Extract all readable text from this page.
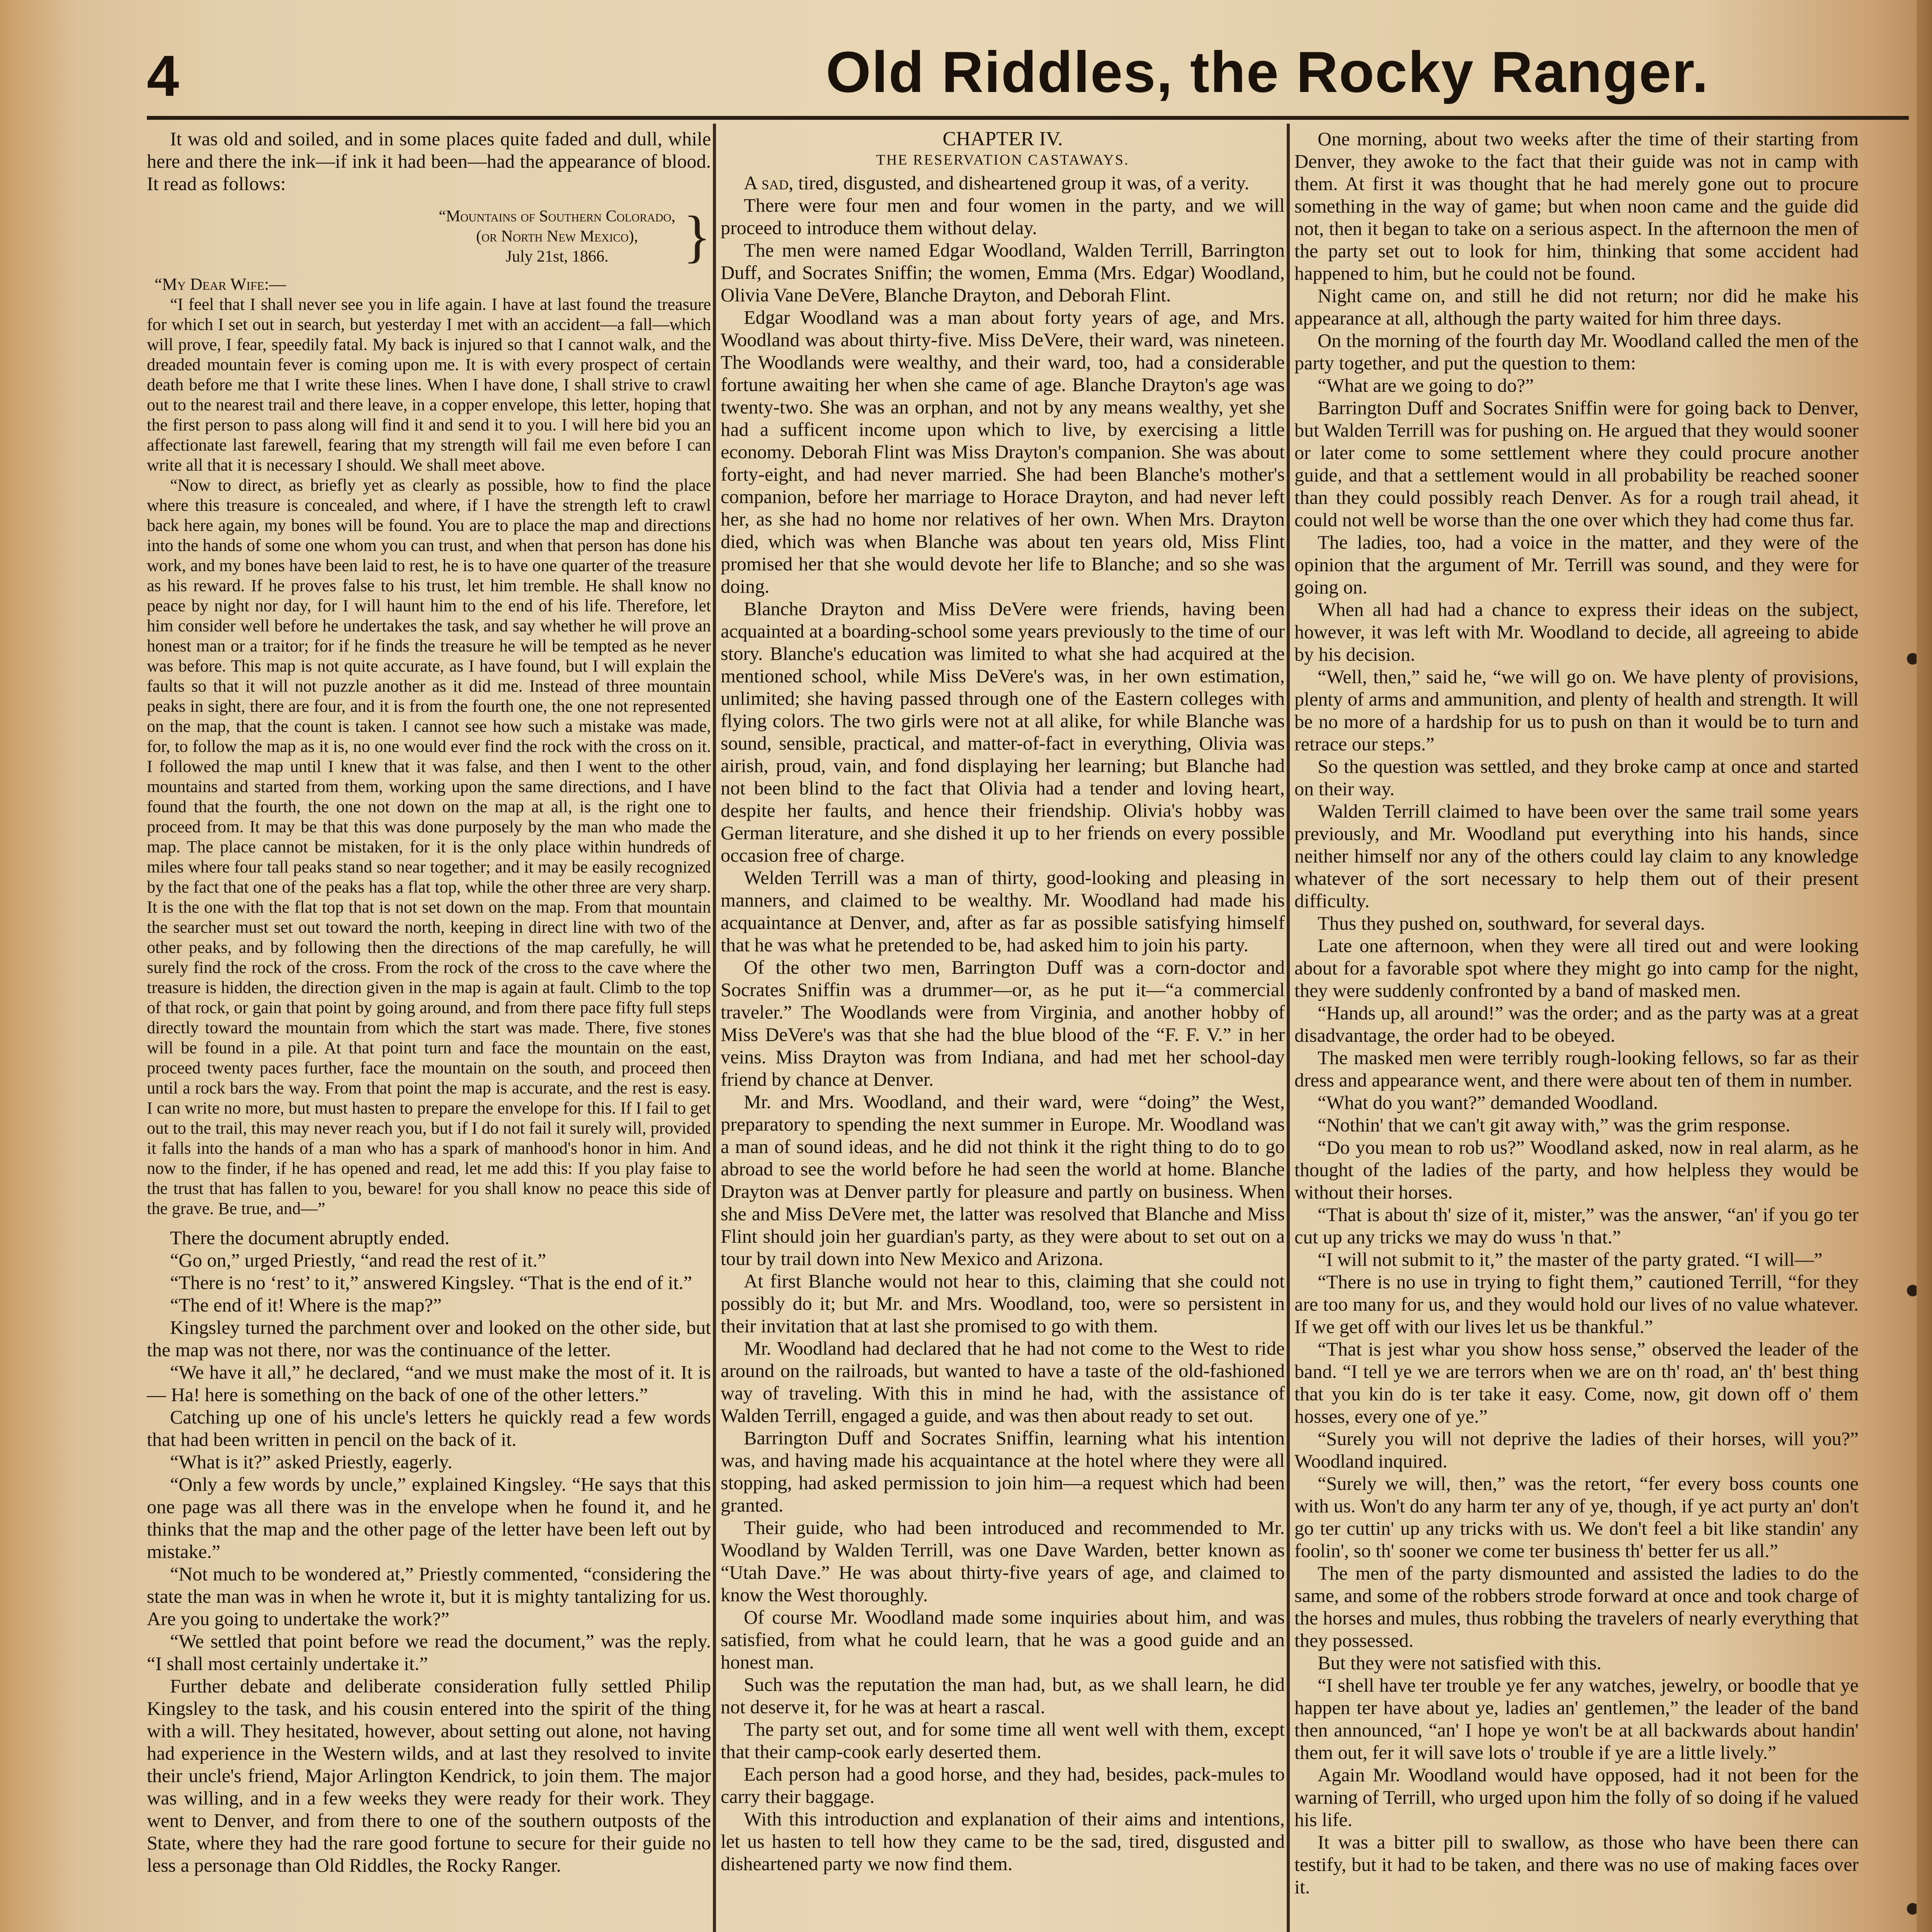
4	Old Riddles, the Rocky Ranger.

It was old and soiled, and in some places quite faded and dull, while here and there the ink—if ink it had been—had the appearance of blood. It read as follows:

“Mountains of Southern Colorado,
(or North New Mexico),
July 21st, 1866.	}

“My Dear Wife:—

“I feel that I shall never see you in life again. I have at last found the treasure for which I set out in search, but yesterday I met with an accident—a fall—which will prove, I fear, speedily fatal. My back is injured so that I cannot walk, and the dreaded mountain fever is coming upon me. It is with every prospect of certain death before me that I write these lines. When I have done, I shall strive to crawl out to the nearest trail and there leave, in a copper envelope, this letter, hoping that the first person to pass along will find it and send it to you. I will here bid you an affectionate last farewell, fearing that my strength will fail me even before I can write all that it is necessary I should. We shall meet above.

“Now to direct, as briefly yet as clearly as possible, how to find the place where this treasure is concealed, and where, if I have the strength left to crawl back here again, my bones will be found. You are to place the map and directions into the hands of some one whom you can trust, and when that person has done his work, and my bones have been laid to rest, he is to have one quarter of the treasure as his reward. If he proves false to his trust, let him tremble. He shall know no peace by night nor day, for I will haunt him to the end of his life. Therefore, let him consider well before he undertakes the task, and say whether he will prove an honest man or a traitor; for if he finds the treasure he will be tempted as he never was before. This map is not quite accurate, as I have found, but I will explain the faults so that it will not puzzle another as it did me. Instead of three mountain peaks in sight, there are four, and it is from the fourth one, the one not represented on the map, that the count is taken. I cannot see how such a mistake was made, for, to follow the map as it is, no one would ever find the rock with the cross on it. I followed the map until I knew that it was false, and then I went to the other mountains and started from them, working upon the same directions, and I have found that the fourth, the one not down on the map at all, is the right one to proceed from. It may be that this was done purposely by the man who made the map. The place cannot be mistaken, for it is the only place within hundreds of miles where four tall peaks stand so near together; and it may be easily recognized by the fact that one of the peaks has a flat top, while the other three are very sharp. It is the one with the flat top that is not set down on the map. From that mountain the searcher must set out toward the north, keeping in direct line with two of the other peaks, and by following then the directions of the map carefully, he will surely find the rock of the cross. From the rock of the cross to the cave where the treasure is hidden, the direction given in the map is again at fault. Climb to the top of that rock, or gain that point by going around, and from there pace fifty full steps directly toward the mountain from which the start was made. There, five stones will be found in a pile. At that point turn and face the mountain on the east, proceed twenty paces further, face the mountain on the south, and proceed then until a rock bars the way. From that point the map is accurate, and the rest is easy. I can write no more, but must hasten to prepare the envelope for this. If I fail to get out to the trail, this may never reach you, but if I do not fail it surely will, provided it falls into the hands of a man who has a spark of manhood's honor in him. And now to the finder, if he has opened and read, let me add this: If you play faise to the trust that has fallen to you, beware! for you shall know no peace this side of the grave. Be true, and—”

There the document abruptly ended.

“Go on,” urged Priestly, “and read the rest of it.”

“There is no ‘rest’ to it,” answered Kingsley. “That is the end of it.”

“The end of it! Where is the map?”

Kingsley turned the parchment over and looked on the other side, but the map was not there, nor was the continuance of the letter.

“We have it all,” he declared, “and we must make the most of it. It is— Ha! here is something on the back of one of the other letters.”

Catching up one of his uncle's letters he quickly read a few words that had been written in pencil on the back of it.

“What is it?” asked Priestly, eagerly.

“Only a few words by uncle,” explained Kingsley. “He says that this one page was all there was in the envelope when he found it, and he thinks that the map and the other page of the letter have been left out by mistake.”

“Not much to be wondered at,” Priestly commented, “considering the state the man was in when he wrote it, but it is mighty tantalizing for us. Are you going to undertake the work?”

“We settled that point before we read the document,” was the reply. “I shall most certainly undertake it.”

Further debate and deliberate consideration fully settled Philip Kingsley to the task, and his cousin entered into the spirit of the thing with a will. They hesitated, however, about setting out alone, not having had experience in the Western wilds, and at last they resolved to invite their uncle's friend, Major Arlington Kendrick, to join them. The major was willing, and in a few weeks they were ready for their work. They went to Denver, and from there to one of the southern outposts of the State, where they had the rare good fortune to secure for their guide no less a personage than Old Riddles, the Rocky Ranger.

CHAPTER IV.
THE RESERVATION CASTAWAYS.

A sad, tired, disgusted, and disheartened group it was, of a verity.

There were four men and four women in the party, and we will proceed to introduce them without delay.

The men were named Edgar Woodland, Walden Terrill, Barrington Duff, and Socrates Sniffin; the women, Emma (Mrs. Edgar) Woodland, Olivia Vane DeVere, Blanche Drayton, and Deborah Flint.

Edgar Woodland was a man about forty years of age, and Mrs. Woodland was about thirty-five. Miss DeVere, their ward, was nineteen. The Woodlands were wealthy, and their ward, too, had a considerable fortune awaiting her when she came of age. Blanche Drayton's age was twenty-two. She was an orphan, and not by any means wealthy, yet she had a sufficent income upon which to live, by exercising a little economy. Deborah Flint was Miss Drayton's companion. She was about forty-eight, and had never married. She had been Blanche's mother's companion, before her marriage to Horace Drayton, and had never left her, as she had no home nor relatives of her own. When Mrs. Drayton died, which was when Blanche was about ten years old, Miss Flint promised her that she would devote her life to Blanche; and so she was doing.

Blanche Drayton and Miss DeVere were friends, having been acquainted at a boarding-school some years previously to the time of our story. Blanche's education was limited to what she had acquired at the mentioned school, while Miss DeVere's was, in her own estimation, unlimited; she having passed through one of the Eastern colleges with flying colors. The two girls were not at all alike, for while Blanche was sound, sensible, practical, and matter-of-fact in everything, Olivia was airish, proud, vain, and fond displaying her learning; but Blanche had not been blind to the fact that Olivia had a tender and loving heart, despite her faults, and hence their friendship. Olivia's hobby was German literature, and she dished it up to her friends on every possible occasion free of charge.

Welden Terrill was a man of thirty, good-looking and pleasing in manners, and claimed to be wealthy. Mr. Woodland had made his acquaintance at Denver, and, after as far as possible satisfying himself that he was what he pretended to be, had asked him to join his party.

Of the other two men, Barrington Duff was a corn-doctor and Socrates Sniffin was a drummer—or, as he put it—“a commercial traveler.” The Woodlands were from Virginia, and another hobby of Miss DeVere's was that she had the blue blood of the “F. F. V.” in her veins. Miss Drayton was from Indiana, and had met her school-day friend by chance at Denver.

Mr. and Mrs. Woodland, and their ward, were “doing” the West, preparatory to spending the next summer in Europe. Mr. Woodland was a man of sound ideas, and he did not think it the right thing to do to go abroad to see the world before he had seen the world at home. Blanche Drayton was at Denver partly for pleasure and partly on business. When she and Miss DeVere met, the latter was resolved that Blanche and Miss Flint should join her guardian's party, as they were about to set out on a tour by trail down into New Mexico and Arizona.

At first Blanche would not hear to this, claiming that she could not possibly do it; but Mr. and Mrs. Woodland, too, were so persistent in their invitation that at last she promised to go with them.

Mr. Woodland had declared that he had not come to the West to ride around on the railroads, but wanted to have a taste of the old-fashioned way of traveling. With this in mind he had, with the assistance of Walden Terrill, engaged a guide, and was then about ready to set out.

Barrington Duff and Socrates Sniffin, learning what his intention was, and having made his acquaintance at the hotel where they were all stopping, had asked permission to join him—a request which had been granted.

Their guide, who had been introduced and recommended to Mr. Woodland by Walden Terrill, was one Dave Warden, better known as “Utah Dave.” He was about thirty-five years of age, and claimed to know the West thoroughly.

Of course Mr. Woodland made some inquiries about him, and was satisfied, from what he could learn, that he was a good guide and an honest man.

Such was the reputation the man had, but, as we shall learn, he did not deserve it, for he was at heart a rascal.

The party set out, and for some time all went well with them, except that their camp-cook early deserted them.

Each person had a good horse, and they had, besides, pack-mules to carry their baggage.

With this introduction and explanation of their aims and intentions, let us hasten to tell how they came to be the sad, tired, disgusted and disheartened party we now find them.

One morning, about two weeks after the time of their starting from Denver, they awoke to the fact that their guide was not in camp with them. At first it was thought that he had merely gone out to procure something in the way of game; but when noon came and the guide did not, then it began to take on a serious aspect. In the afternoon the men of the party set out to look for him, thinking that some accident had happened to him, but he could not be found.

Night came on, and still he did not return; nor did he make his appearance at all, although the party waited for him three days.

On the morning of the fourth day Mr. Woodland called the men of the party together, and put the question to them:

“What are we going to do?”

Barrington Duff and Socrates Sniffin were for going back to Denver, but Walden Terrill was for pushing on. He argued that they would sooner or later come to some settlement where they could procure another guide, and that a settlement would in all probability be reached sooner than they could possibly reach Denver. As for a rough trail ahead, it could not well be worse than the one over which they had come thus far.

The ladies, too, had a voice in the matter, and they were of the opinion that the argument of Mr. Terrill was sound, and they were for going on.

When all had had a chance to express their ideas on the subject, however, it was left with Mr. Woodland to decide, all agreeing to abide by his decision.

“Well, then,” said he, “we will go on. We have plenty of provisions, plenty of arms and ammunition, and plenty of health and strength. It will be no more of a hardship for us to push on than it would be to turn and retrace our steps.”

So the question was settled, and they broke camp at once and started on their way.

Walden Terrill claimed to have been over the same trail some years previously, and Mr. Woodland put everything into his hands, since neither himself nor any of the others could lay claim to any knowledge whatever of the sort necessary to help them out of their present difficulty.

Thus they pushed on, southward, for several days.

Late one afternoon, when they were all tired out and were looking about for a favorable spot where they might go into camp for the night, they were suddenly confronted by a band of masked men.

“Hands up, all around!” was the order; and as the party was at a great disadvantage, the order had to be obeyed.

The masked men were terribly rough-looking fellows, so far as their dress and appearance went, and there were about ten of them in number.

“What do you want?” demanded Woodland.

“Nothin' that we can't git away with,” was the grim response.

“Do you mean to rob us?” Woodland asked, now in real alarm, as he thought of the ladies of the party, and how helpless they would be without their horses.

“That is about th' size of it, mister,” was the answer, “an' if you go ter cut up any tricks we may do wuss 'n that.”

“I will not submit to it,” the master of the party grated. “I will—”

“There is no use in trying to fight them,” cautioned Terrill, “for they are too many for us, and they would hold our lives of no value whatever. If we get off with our lives let us be thankful.”

“That is jest whar you show hoss sense,” observed the leader of the band. “I tell ye we are terrors when we are on th' road, an' th' best thing that you kin do is ter take it easy. Come, now, git down off o' them hosses, every one of ye.”

“Surely you will not deprive the ladies of their horses, will you?” Woodland inquired.

“Surely we will, then,” was the retort, “fer every boss counts one with us. Won't do any harm ter any of ye, though, if ye act purty an' don't go ter cuttin' up any tricks with us. We don't feel a bit like standin' any foolin', so th' sooner we come ter business th' better fer us all.”

The men of the party dismounted and assisted the ladies to do the same, and some of the robbers strode forward at once and took charge of the horses and mules, thus robbing the travelers of nearly everything that they possessed.

But they were not satisfied with this.

“I shell have ter trouble ye fer any watches, jewelry, or boodle that ye happen ter have about ye, ladies an' gentlemen,” the leader of the band then announced, “an' I hope ye won't be at all backwards about handin' them out, fer it will save lots o' trouble if ye are a little lively.”

Again Mr. Woodland would have opposed, had it not been for the warning of Terrill, who urged upon him the folly of so doing if he valued his life.

It was a bitter pill to swallow, as those who have been there can testify, but it had to be taken, and there was no use of making faces over it.
